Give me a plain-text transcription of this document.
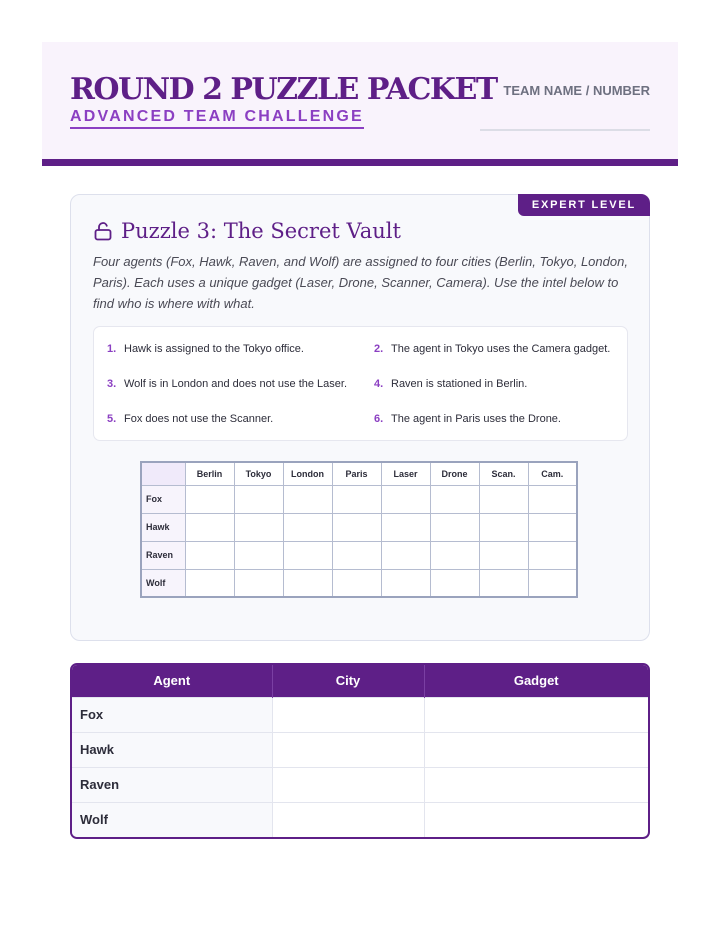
ROUND 2 PUZZLE PACKET
ADVANCED TEAM CHALLENGE
TEAM NAME / NUMBER
EXPERT LEVEL
Puzzle 3: The Secret Vault
Four agents (Fox, Hawk, Raven, and Wolf) are assigned to four cities (Berlin, Tokyo, London, Paris). Each uses a unique gadget (Laser, Drone, Scanner, Camera). Use the intel below to find who is where with what.
1. Hawk is assigned to the Tokyo office.	2. The agent in Tokyo uses the Camera gadget.
3. Wolf is in London and does not use the Laser. 4. Raven is stationed in Berlin.
5. Fox does not use the Scanner.	6. The agent in Paris uses the Drone.
	Berlin	Tokyo	London	Paris	Laser	Drone	Scan.	Cam.
Fox								
Hawk								
Raven								
Wolf								
Agent	City	Gadget
Fox		
Hawk		
Raven		
Wolf		
